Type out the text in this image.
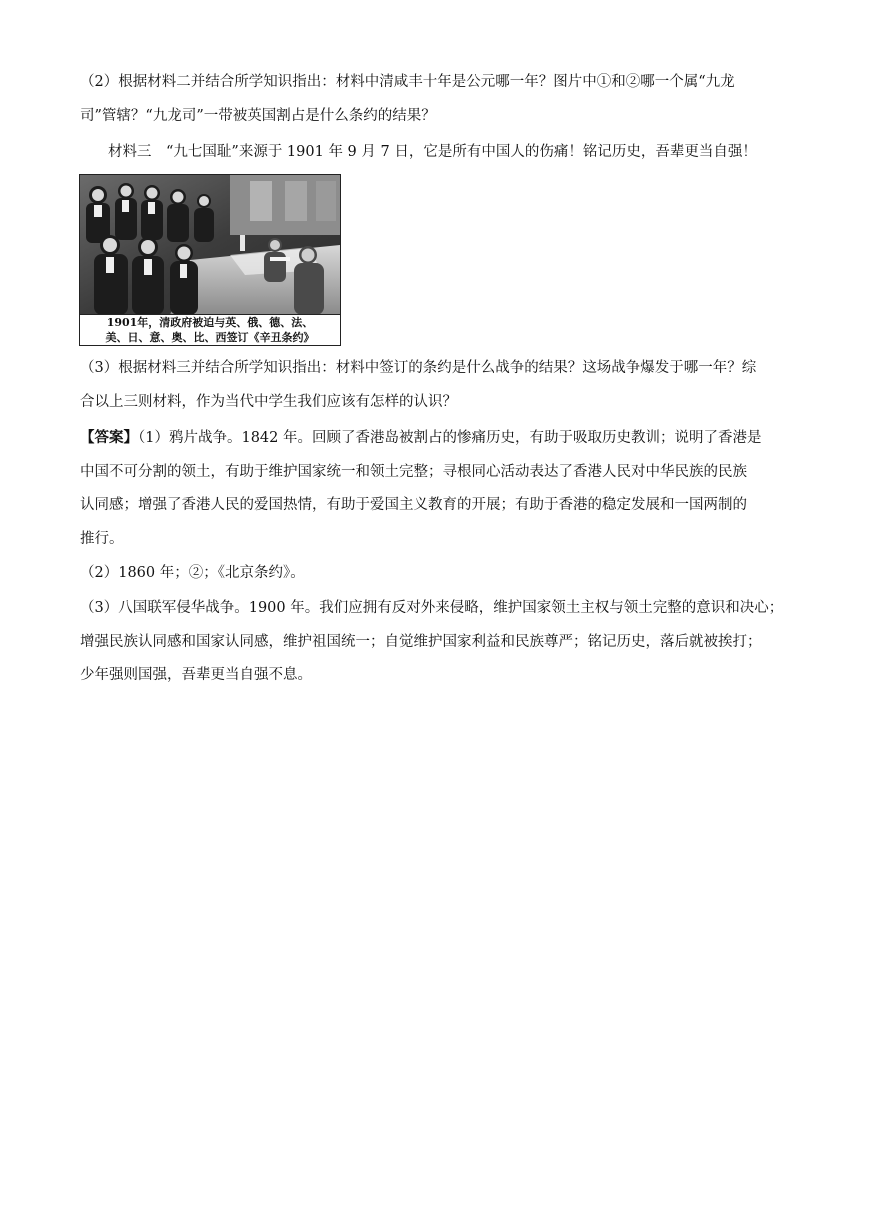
（2）根据材料二并结合所学知识指出：材料中清咸丰十年是公元哪一年？图片中①和②哪一个属“九龙
司”管辖？“九龙司”一带被英国割占是什么条约的结果？
材料三　“九七国耻”来源于 1901 年 9 月 7 日，它是所有中国人的伤痛！铭记历史，吾辈更当自强！
1901年，清政府被迫与英、俄、德、法、
美、日、意、奥、比、西签订《辛丑条约》
（3）根据材料三并结合所学知识指出：材料中签订的条约是什么战争的结果？这场战争爆发于哪一年？综
合以上三则材料，作为当代中学生我们应该有怎样的认识？
【答案】（1）鸦片战争。1842 年。回顾了香港岛被割占的惨痛历史，有助于吸取历史教训；说明了香港是
中国不可分割的领土，有助于维护国家统一和领土完整；寻根同心活动表达了香港人民对中华民族的民族
认同感；增强了香港人民的爱国热情，有助于爱国主义教育的开展；有助于香港的稳定发展和一国两制的
推行。
（2）1860 年；②；《北京条约》。
（3）八国联军侵华战争。1900 年。我们应拥有反对外来侵略，维护国家领土主权与领土完整的意识和决心；
增强民族认同感和国家认同感，维护祖国统一；自觉维护国家利益和民族尊严；铭记历史，落后就被挨打；
少年强则国强，吾辈更当自强不息。
